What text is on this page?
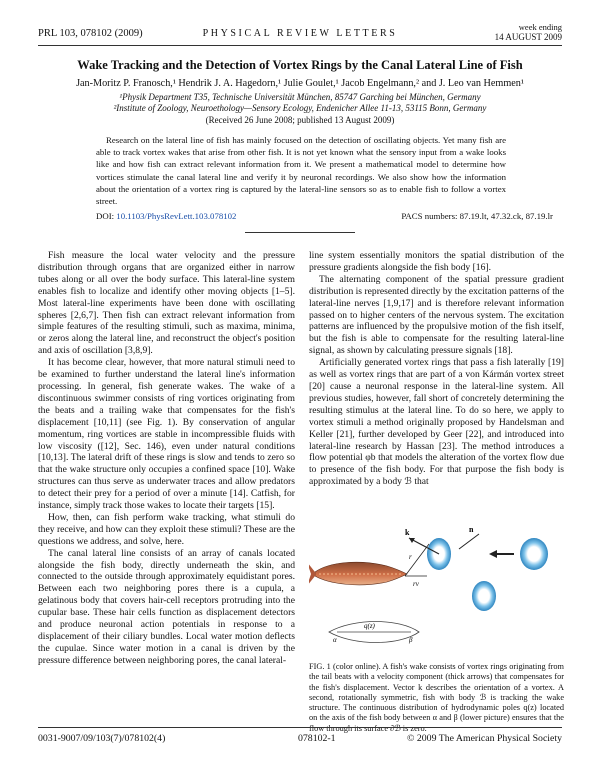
PRL 103, 078102 (2009)	PHYSICAL REVIEW LETTERS
week ending
14 AUGUST 2009
Wake Tracking and the Detection of Vortex Rings by the Canal Lateral Line of Fish
Jan-Moritz P. Franosch,¹ Hendrik J. A. Hagedorn,¹ Julie Goulet,¹ Jacob Engelmann,² and J. Leo van Hemmen¹
¹Physik Department T35, Technische Universität München, 85747 Garching bei München, Germany
²Institute of Zoology, Neuroethology—Sensory Ecology, Endenicher Allee 11-13, 53115 Bonn, Germany
(Received 26 June 2008; published 13 August 2009)
Research on the lateral line of fish has mainly focused on the detection of oscillating objects. Yet many fish are able to track vortex wakes that arise from other fish. It is not yet known what the sensory input from a wake looks like and how fish can extract relevant information from it. We present a mathematical model to determine how vortices stimulate the canal lateral line and verify it by neuronal recordings. We also show how the information about the orientation of a vortex ring is captured by the lateral-line sensors so as to enable fish to follow a vortex street.
DOI: 10.1103/PhysRevLett.103.078102	PACS numbers: 87.19.lt, 47.32.ck, 87.19.lr

Fish measure the local water velocity and the pressure distribution through organs that are organized either in narrow tubes along or all over the body surface. This lateral-line system enables fish to localize and identify other moving objects [1–5]. Most lateral-line experiments have been done with oscillating spheres [2,6,7]. Then fish can extract relevant information from simple features of the resulting stimuli, such as maxima, minima, or zeros along the lateral line, and reconstruct the object's position and axis of oscillation [3,8,9].

It has become clear, however, that more natural stimuli need to be examined to further understand the lateral line's information processing. In general, fish generate wakes. The wake of a discontinuous swimmer consists of ring vortices originating from the beats and a trailing wake that compensates for the fish's displacement [10,11] (see Fig. 1). By conservation of angular momentum, ring vortices are stable in incompressible fluids with low viscosity ([12], Sec. 146), even under natural conditions [10,13]. The lateral drift of these rings is slow and tends to zero so that the wake structure only occupies a confined space [10]. Wake structures can thus serve as underwater traces and allow predators to detect their prey for a period of over a minute [14]. Catfish, for instance, simply track those wakes to locate their targets [15].

How, then, can fish perform wake tracking, what stimuli do they receive, and how can they exploit these stimuli? These are the questions we address, and solve, here.

The canal lateral line consists of an array of canals located alongside the fish body, directly underneath the skin, and connected to the outside through approximately equidistant pores. Between each two neighboring pores there is a cupula, a gelatinous body that covers hair-cell receptors protruding into the cupular base. These hair cells function as displacement detectors and produce neuronal action potentials in response to a displacement of their ciliary bundles. Local water motion deflects the cupulae. Since water motion in a canal is driven by the pressure difference between neighboring pores, the canal lateral-

line system essentially monitors the spatial distribution of the pressure gradients alongside the fish body [16].

The alternating component of the spatial pressure gradient distribution is represented directly by the excitation patterns of the lateral-line nerves [1,9,17] and is therefore relevant information passed on to higher centers of the nervous system. The excitation patterns are influenced by the propulsive motion of the fish itself, but the fish is able to compensate for the resulting lateral-line signal, as shown by calculating pressure signals [18].

Artificially generated vortex rings that pass a fish laterally [19] as well as vortex rings that are part of a von Kármán vortex street [20] cause a neuronal response in the lateral-line system. All previous studies, however, fall short of concretely determining the resulting stimulus at the lateral line. To do so here, we apply to vortex stimuli a method originally proposed by Handelsman and Keller [21], further developed by Geer [22], and introduced into lateral-line research by Hassan [23]. The method introduces a flow potential φb that models the alteration of the vortex flow due to presence of the fish body. For that purpose the fish body is approximated by a body ℬ that

r
rv
k	n
α	β
q(z)
FIG. 1 (color online). A fish's wake consists of vortex rings originating from the tail beats with a velocity component (thick arrows) that compensates for the fish's displacement. Vector k describes the orientation of a vortex. A second, rotationally symmetric, fish with body ℬ is tracking the wake structure. The continuous distribution of hydrodynamic poles q(z) located on the axis of the fish body between α and β (lower picture) ensures that the flow through its surface ∂ℬ is zero.
0031-9007/09/103(7)/078102(4)	078102-1	© 2009 The American Physical Society
